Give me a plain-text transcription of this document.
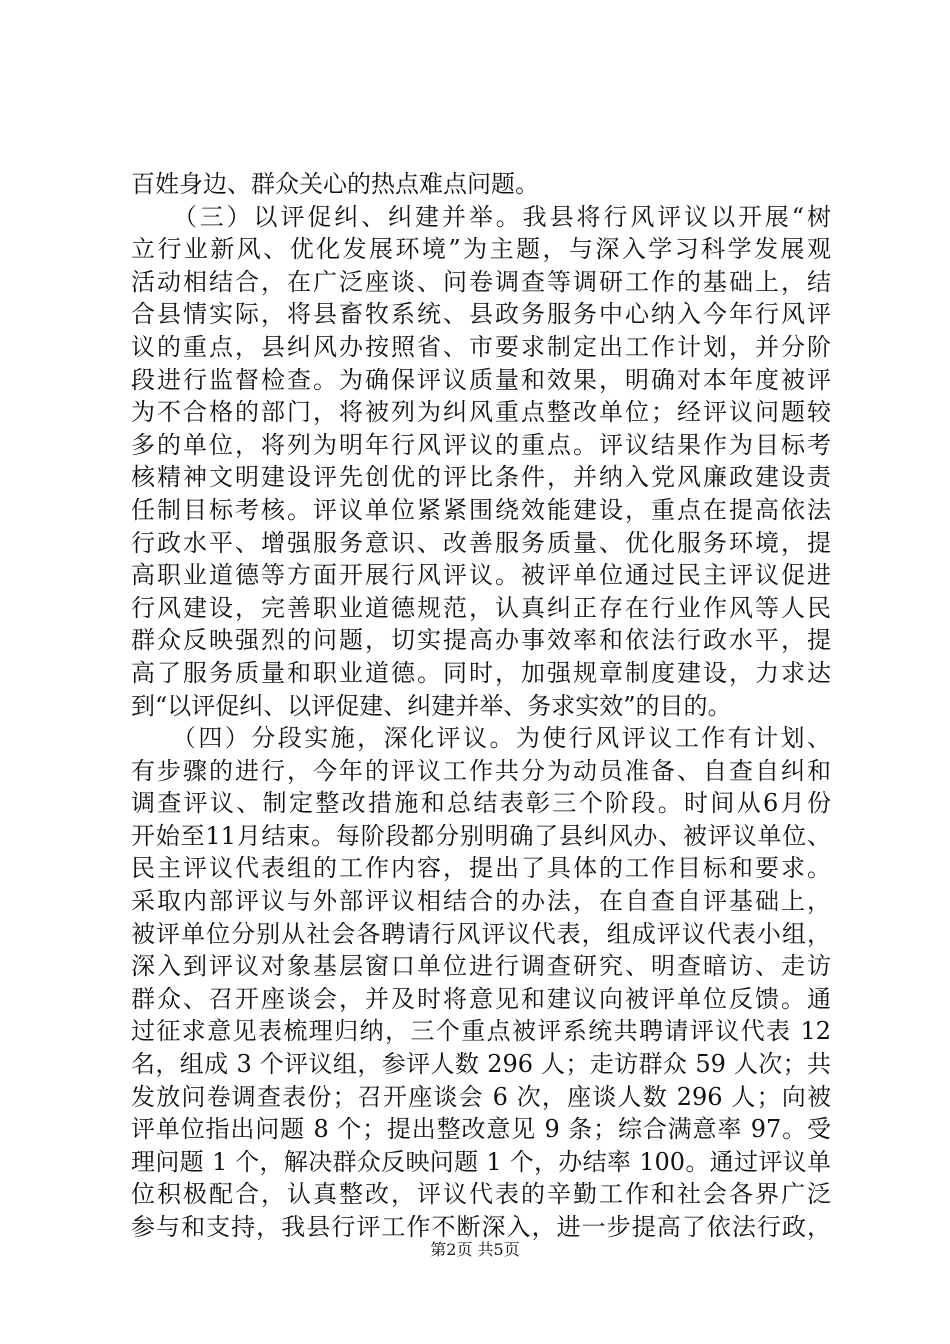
百姓身边、群众关心的热点难点问题。
　　（三）以评促纠、纠建并举。我县将行风评议以开展“树
立行业新风、优化发展环境”为主题，与深入学习科学发展观
活动相结合，在广泛座谈、问卷调查等调研工作的基础上，结
合县情实际，将县畜牧系统、县政务服务中心纳入今年行风评
议的重点，县纠风办按照省、市要求制定出工作计划，并分阶
段进行监督检查。为确保评议质量和效果，明确对本年度被评
为不合格的部门，将被列为纠风重点整改单位；经评议问题较
多的单位，将列为明年行风评议的重点。评议结果作为目标考
核精神文明建设评先创优的评比条件，并纳入党风廉政建设责
任制目标考核。评议单位紧紧围绕效能建设，重点在提高依法
行政水平、增强服务意识、改善服务质量、优化服务环境，提
高职业道德等方面开展行风评议。被评单位通过民主评议促进
行风建设，完善职业道德规范，认真纠正存在行业作风等人民
群众反映强烈的问题，切实提高办事效率和依法行政水平，提
高了服务质量和职业道德。同时，加强规章制度建设，力求达
到“以评促纠、以评促建、纠建并举、务求实效”的目的。
　　（四）分段实施，深化评议。为使行风评议工作有计划、
有步骤的进行，今年的评议工作共分为动员准备、自查自纠和
调查评议、制定整改措施和总结表彰三个阶段。时间从6月份
开始至11月结束。每阶段都分别明确了县纠风办、被评议单位、
民主评议代表组的工作内容，提出了具体的工作目标和要求。
采取内部评议与外部评议相结合的办法，在自查自评基础上，
被评单位分别从社会各聘请行风评议代表，组成评议代表小组，
深入到评议对象基层窗口单位进行调查研究、明查暗访、走访
群众、召开座谈会，并及时将意见和建议向被评单位反馈。通
过征求意见表梳理归纳，三个重点被评系统共聘请评议代表 12
名，组成 3 个评议组，参评人数 296 人；走访群众 59 人次；共
发放问卷调查表份；召开座谈会 6 次，座谈人数 296 人；向被
评单位指出问题 8 个；提出整改意见 9 条；综合满意率 97。受
理问题 1 个，解决群众反映问题 1 个，办结率 100。通过评议单
位积极配合，认真整改，评议代表的辛勤工作和社会各界广泛
参与和支持，我县行评工作不断深入，进一步提高了依法行政，
第2页 共5页
